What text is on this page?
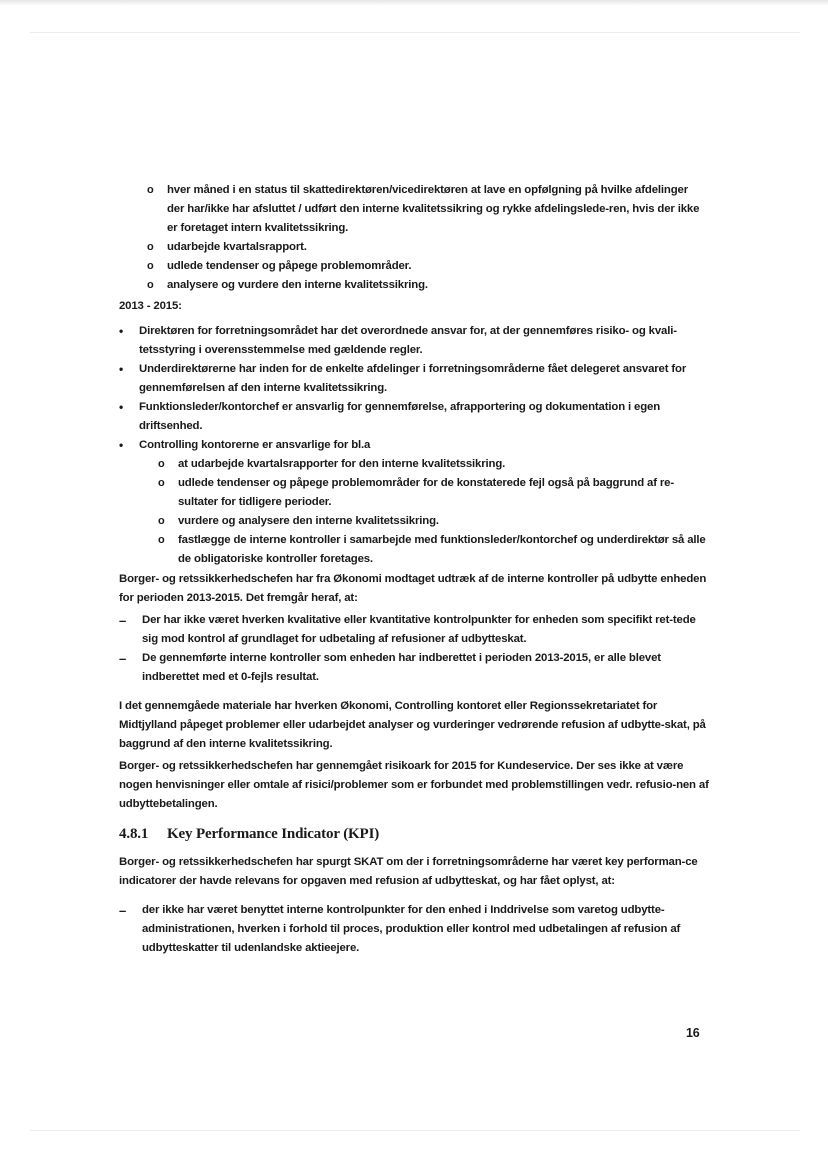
o	hver måned i en status til skattedirektøren/vicedirektøren at lave en opfølgning på hvilke afdelinger der har/ikke har afsluttet / udført den interne kvalitetssikring og rykke afdelingslede-ren, hvis der ikke er foretaget intern kvalitetssikring.
o	udarbejde kvartalsrapport.
o	udlede tendenser og påpege problemområder.
o	analysere og vurdere den interne kvalitetssikring.
2013 - 2015:
•	Direktøren for forretningsområdet har det overordnede ansvar for, at der gennemføres risiko- og kvali-tetsstyring i overensstemmelse med gældende regler.
•	Underdirektørerne har inden for de enkelte afdelinger i forretningsområderne fået delegeret ansvaret for gennemførelsen af den interne kvalitetssikring.
•	Funktionsleder/kontorchef er ansvarlig for gennemførelse, afrapportering og dokumentation i egen driftsenhed.
•	Controlling kontorerne er ansvarlige for bl.a
o	at udarbejde kvartalsrapporter for den interne kvalitetssikring.
o	udlede tendenser og påpege problemområder for de konstaterede fejl også på baggrund af re-sultater for tidligere perioder.
o	vurdere og analysere den interne kvalitetssikring.
o	fastlægge de interne kontroller i samarbejde med funktionsleder/kontorchef og underdirektør så alle de obligatoriske kontroller foretages.
Borger- og retssikkerhedschefen har fra Økonomi modtaget udtræk af de interne kontroller på udbytte enheden for perioden 2013-2015. Det fremgår heraf, at:
–	Der har ikke været hverken kvalitative eller kvantitative kontrolpunkter for enheden som specifikt ret-tede sig mod kontrol af grundlaget for udbetaling af refusioner af udbytteskat.
–	De gennemførte interne kontroller som enheden har indberettet i perioden 2013-2015, er alle blevet indberettet med et 0-fejls resultat.
I det gennemgåede materiale har hverken Økonomi, Controlling kontoret eller Regionssekretariatet for Midtjylland påpeget problemer eller udarbejdet analyser og vurderinger vedrørende refusion af udbytte-skat, på baggrund af den interne kvalitetssikring.
Borger- og retssikkerhedschefen har gennemgået risikoark for 2015 for Kundeservice. Der ses ikke at være nogen henvisninger eller omtale af risici/problemer som er forbundet med problemstillingen vedr. refusio-nen af udbyttebetalingen.
4.8.1 Key Performance Indicator (KPI)
Borger- og retssikkerhedschefen har spurgt SKAT om der i forretningsområderne har været key performan-ce indicatorer der havde relevans for opgaven med refusion af udbytteskat, og har fået oplyst, at:
–	der ikke har været benyttet interne kontrolpunkter for den enhed i Inddrivelse som varetog udbytte-administrationen, hverken i forhold til proces, produktion eller kontrol med udbetalingen af refusion af udbytteskatter til udenlandske aktieejere.
16
